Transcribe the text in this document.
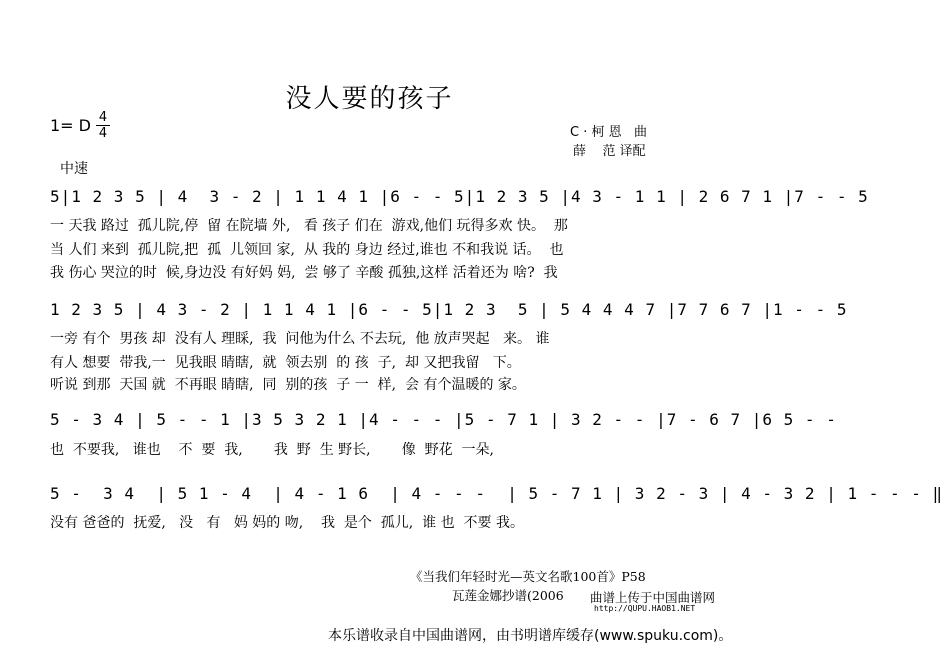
没人要的孩子
1= D 4
4	C · 柯 恩   曲
薛    范 译配
中速
5|1 2 3 5 | 4  3 - 2 | 1 1 4 1 |6 - - 5|1 2 3 5 |4 3 - 1 1 | 2 6 7 1 |7 - - 5
一 天我 路过  孤儿院,停  留 在院墙 外,   看 孩子 们在  游戏,他们 玩得多欢 快。  那
当 人们 来到  孤儿院,把  孤  儿领回 家,  从 我的 身边 经过,谁也 不和我说 话。  也
我 伤心 哭泣的时  候,身边没 有好妈 妈,  尝 够了 辛酸 孤独,这样 活着还为 啥?  我
1 2 3 5 | 4 3 - 2 | 1 1 4 1 |6 - - 5|1 2 3  5 | 5 4 4 4 7 |7 7 6 7 |1 - - 5
一旁 有个  男孩 却  没有人 理睬,  我  问他为什么 不去玩,  他 放声哭起   来。 谁
有人 想要  带我,一  见我眼 睛瞎,  就  领去别  的 孩  子,  却 又把我留   下。
听说 到那  天国 就  不再眼 睛瞎,  同  别的孩  子 一  样,  会 有个温暖的 家。
5 - 3 4 | 5 - - 1 |3 5 3 2 1 |4 - - - |5 - 7 1 | 3 2 - - |7 - 6 7 |6 5 - -
也  不要我,   谁也    不  要  我,       我  野  生 野长,       像  野花  一朵,
5 -  3 4  | 5 1 - 4  | 4 - 1 6  | 4 - - -  | 5 - 7 1 | 3 2 - 3 | 4 - 3 2 | 1 - - - ‖
没有 爸爸的  抚爱,   没   有   妈 妈的 吻,    我  是个  孤儿,  谁 也  不要 我。
《当我们年轻时光—英文名歌100首》P58
瓦莲金娜抄谱(2006 曲谱上传于中国曲谱网
http://QUPU.HAOB1.NET
本乐谱收录自中国曲谱网，由书明谱库缓存(www.spuku.com)。
